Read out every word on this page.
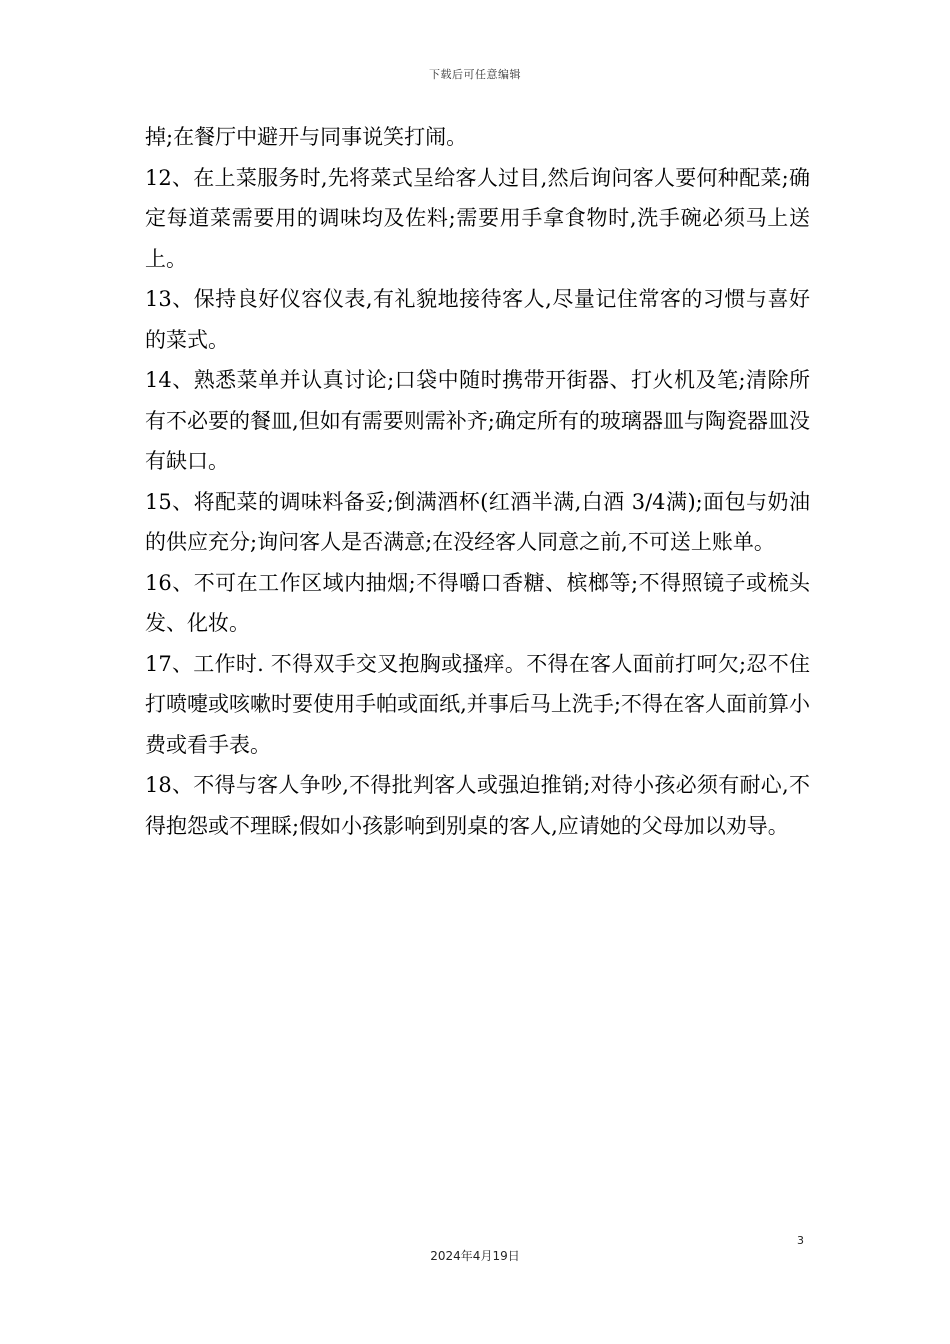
下载后可任意编辑

掉;在餐厅中避开与同事说笑打闹。

12、在上菜服务时,先将菜式呈给客人过目,然后询问客人要何种配菜;确定每道菜需要用的调味均及佐料;需要用手拿食物时,洗手碗必须马上送上。

13、保持良好仪容仪表,有礼貌地接待客人,尽量记住常客的习惯与喜好的菜式。

14、熟悉菜单并认真讨论;口袋中随时携带开街器、打火机及笔;清除所有不必要的餐皿,但如有需要则需补齐;确定所有的玻璃器皿与陶瓷器皿没有缺口。

15、将配菜的调味料备妥;倒满酒杯(红酒半满,白酒 3/4满);面包与奶油的供应充分;询问客人是否满意;在没经客人同意之前,不可送上账单。

16、不可在工作区域内抽烟;不得嚼口香糖、槟榔等;不得照镜子或梳头发、化妆。

17、工作时. 不得双手交叉抱胸或搔痒。不得在客人面前打呵欠;忍不住打喷嚏或咳嗽时要使用手帕或面纸,并事后马上洗手;不得在客人面前算小费或看手表。

18、不得与客人争吵,不得批判客人或强迫推销;对待小孩必须有耐心,不得抱怨或不理睬;假如小孩影响到别桌的客人,应请她的父母加以劝导。

3
2024年4月19日
